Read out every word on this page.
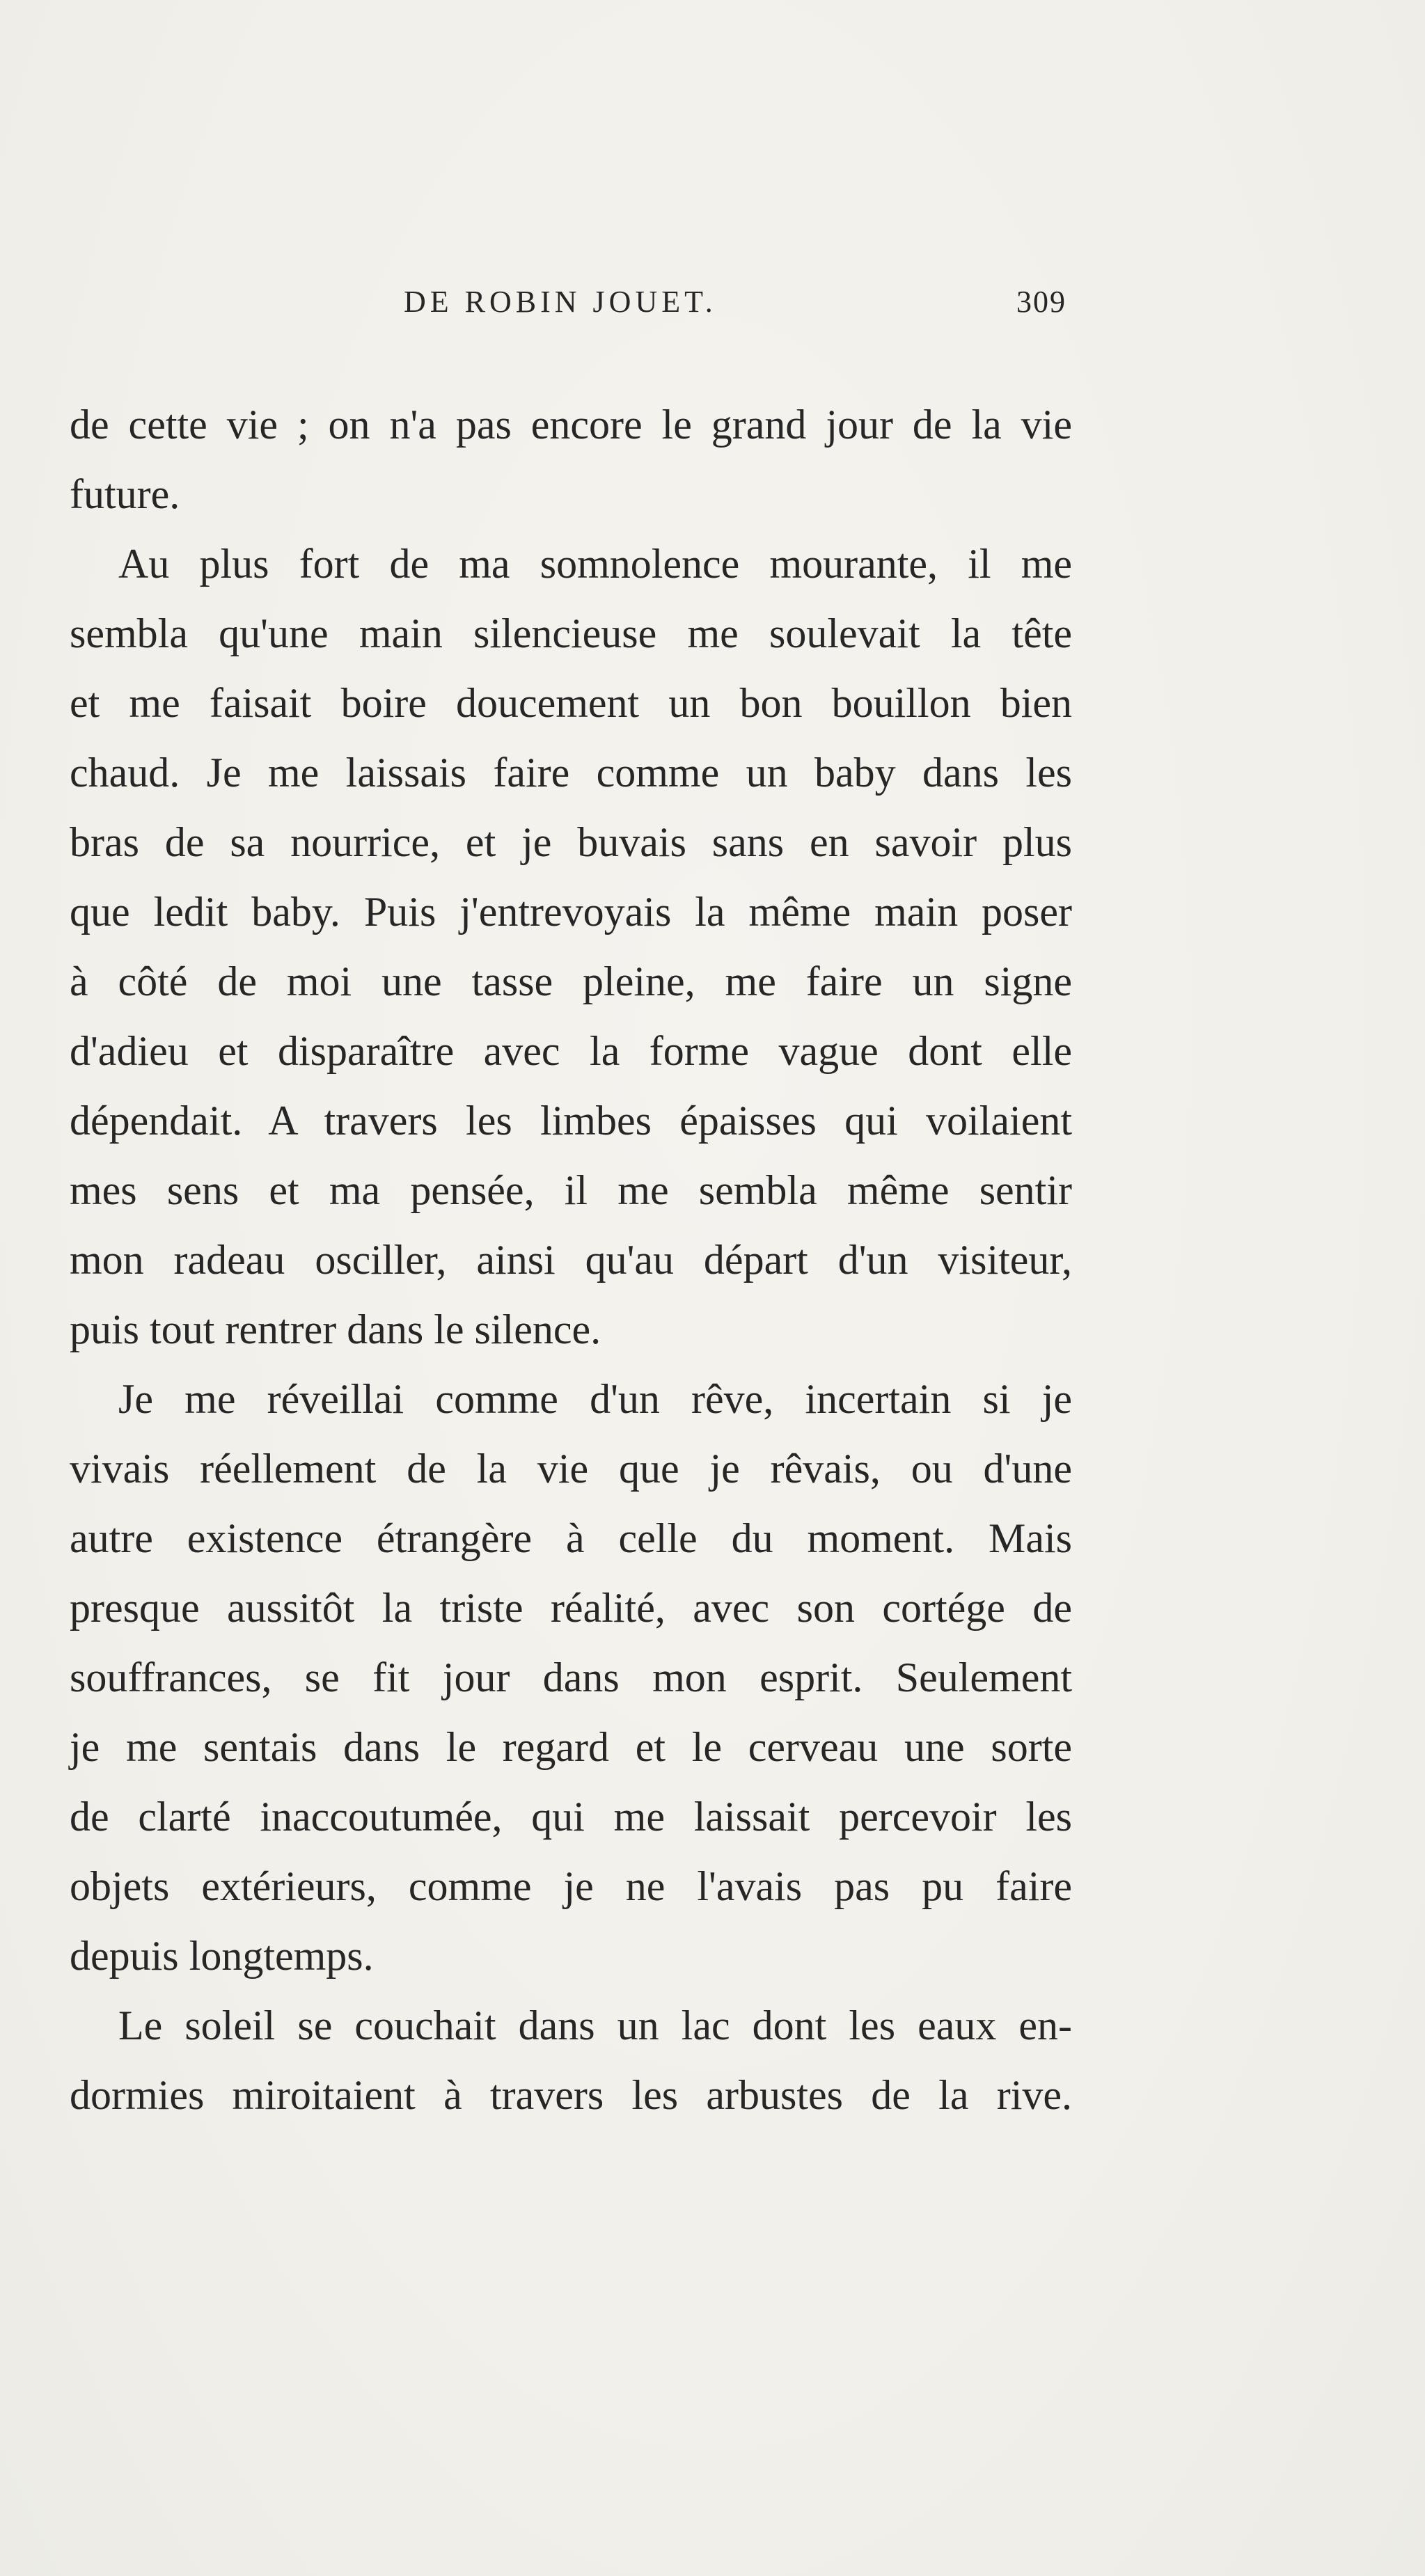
DE ROBIN JOUET.	309
de cette vie ; on n'a pas encore le grand jour de la vie
future.
Au plus fort de ma somnolence mourante, il me
sembla qu'une main silencieuse me soulevait la tête
et me faisait boire doucement un bon bouillon bien
chaud. Je me laissais faire comme un baby dans les
bras de sa nourrice, et je buvais sans en savoir plus
que ledit baby. Puis j'entrevoyais la même main poser
à côté de moi une tasse pleine, me faire un signe
d'adieu et disparaître avec la forme vague dont elle
dépendait. A travers les limbes épaisses qui voilaient
mes sens et ma pensée, il me sembla même sentir
mon radeau osciller, ainsi qu'au départ d'un visiteur,
puis tout rentrer dans le silence.
Je me réveillai comme d'un rêve, incertain si je
vivais réellement de la vie que je rêvais, ou d'une
autre existence étrangère à celle du moment. Mais
presque aussitôt la triste réalité, avec son cortége de
souffrances, se fit jour dans mon esprit. Seulement
je me sentais dans le regard et le cerveau une sorte
de clarté inaccoutumée, qui me laissait percevoir les
objets extérieurs, comme je ne l'avais pas pu faire
depuis longtemps.
Le soleil se couchait dans un lac dont les eaux en-
dormies miroitaient à travers les arbustes de la rive.
